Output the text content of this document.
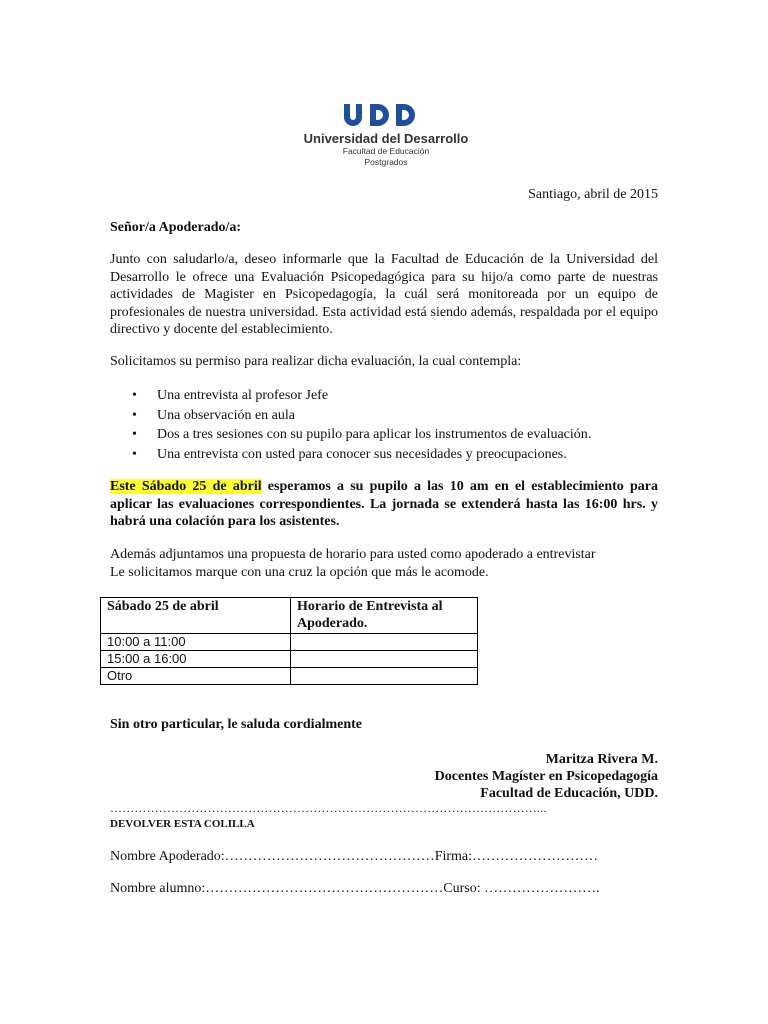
Universidad del Desarrollo
Facultad de Educación
Postgrados
Santiago, abril de 2015
Señor/a Apoderado/a:
Junto con saludarlo/a, deseo informarle que la Facultad de Educación de la Universidad del Desarrollo le ofrece una Evaluación Psicopedagógica para su hijo/a como parte de nuestras actividades de Magister en Psicopedagogía, la cuál será monitoreada por un equipo de profesionales de nuestra universidad. Esta actividad está siendo además, respaldada por el equipo directivo y docente del establecimiento.
Solicitamos su permiso para realizar dicha evaluación, la cual contempla:
• Una entrevista al profesor Jefe
• Una observación en aula
• Dos a tres sesiones con su pupilo para aplicar los instrumentos de evaluación.
• Una entrevista con usted para conocer sus necesidades y preocupaciones.
Este Sábado 25 de abril esperamos a su pupilo a las 10 am en el establecimiento para aplicar las evaluaciones correspondientes. La jornada se extenderá hasta las 16:00 hrs. y habrá una colación para los asistentes.
Además adjuntamos una propuesta de horario para usted como apoderado a entrevistar
Le solicitamos marque con una cruz la opción que más le acomode.
Sábado 25 de abril	Horario de Entrevista al Apoderado.
10:00 a 11:00	
15:00 a 16:00	
Otro	
Sin otro particular, le saluda cordialmente
Maritza Rivera M.
Docentes Magíster en Psicopedagogía
Facultad de Educación, UDD.
……………………………………………………………………………………………...
DEVOLVER ESTA COLILLA
Nombre Apoderado:………………………………………Firma:………………………
Nombre alumno:……………………………………………Curso: …………………….
